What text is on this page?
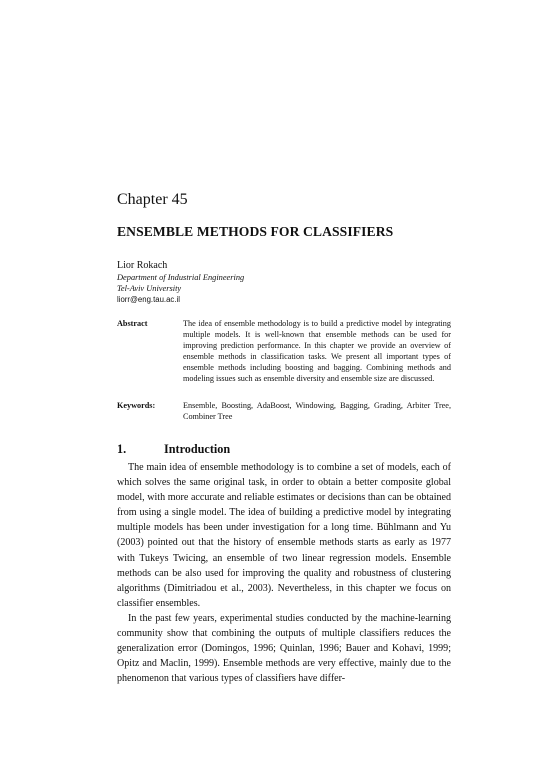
Chapter 45
ENSEMBLE METHODS FOR CLASSIFIERS
Lior Rokach
Department of Industrial Engineering
Tel-Aviv University
liorr@eng.tau.ac.il
Abstract	The idea of ensemble methodology is to build a predictive model by integrating multiple models. It is well-known that ensemble methods can be used for improving prediction performance. In this chapter we provide an overview of ensemble methods in classification tasks. We present all important types of ensemble methods including boosting and bagging. Combining methods and modeling issues such as ensemble diversity and ensemble size are discussed.
Keywords:	Ensemble, Boosting, AdaBoost, Windowing, Bagging, Grading, Arbiter Tree, Combiner Tree
1.	Introduction

The main idea of ensemble methodology is to combine a set of models, each of which solves the same original task, in order to obtain a better composite global model, with more accurate and reliable estimates or decisions than can be obtained from using a single model. The idea of building a predictive model by integrating multiple models has been under investigation for a long time. Bühlmann and Yu (2003) pointed out that the history of ensemble methods starts as early as 1977 with Tukeys Twicing, an ensemble of two linear regression models. Ensemble methods can be also used for improving the quality and robustness of clustering algorithms (Dimitriadou et al., 2003). Nevertheless, in this chapter we focus on classifier ensembles.

In the past few years, experimental studies conducted by the machine-learning community show that combining the outputs of multiple classifiers reduces the generalization error (Domingos, 1996; Quinlan, 1996; Bauer and Kohavi, 1999; Opitz and Maclin, 1999). Ensemble methods are very effective, mainly due to the phenomenon that various types of classifiers have differ-
